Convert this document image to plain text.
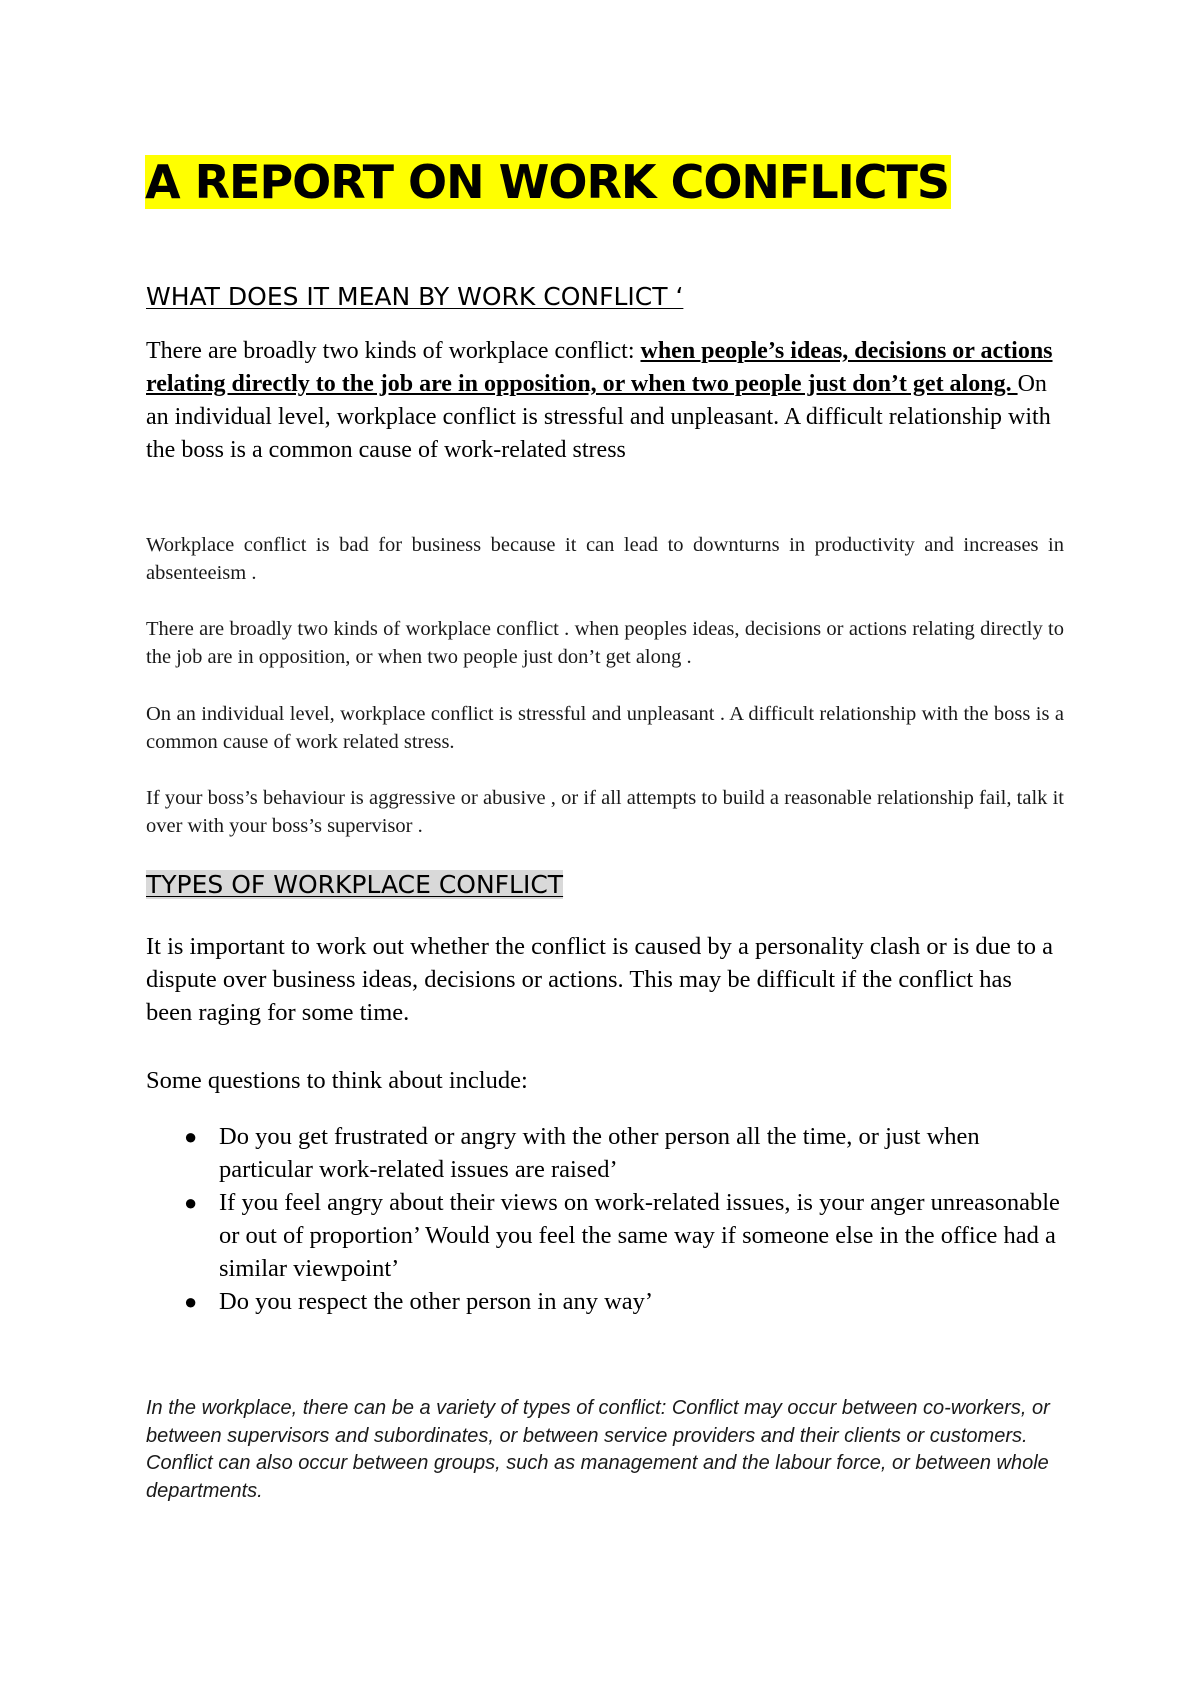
A REPORT ON WORK CONFLICTS
WHAT DOES IT MEAN BY WORK CONFLICT ‘

There are broadly two kinds of workplace conflict: when people’s ideas, decisions or actions relating directly to the job are in opposition, or when two people just don’t get along. On an individual level, workplace conflict is stressful and unpleasant. A difficult relationship with the boss is a common cause of work-related stress

Workplace conflict is bad for business because it can lead to downturns in productivity and increases in absenteeism .

There are broadly two kinds of workplace conflict . when peoples ideas, decisions or actions relating directly to the job are in opposition, or when two people just don’t get along .

On an individual level, workplace conflict is stressful and unpleasant . A difficult relationship with the boss is a common cause of work related stress.

If your boss’s behaviour is aggressive or abusive , or if all attempts to build a reasonable relationship fail, talk it over with your boss’s supervisor .

TYPES OF WORKPLACE CONFLICT

It is important to work out whether the conflict is caused by a personality clash or is due to a dispute over business ideas, decisions or actions. This may be difficult if the conflict has been raging for some time.

Some questions to think about include:

● Do you get frustrated or angry with the other person all the time, or just when particular work-related issues are raised’
● If you feel angry about their views on work-related issues, is your anger unreasonable or out of proportion’ Would you feel the same way if someone else in the office had a similar viewpoint’
● Do you respect the other person in any way’

In the workplace, there can be a variety of types of conflict: Conflict may occur between co-workers, or between supervisors and subordinates, or between service providers and their clients or customers. Conflict can also occur between groups, such as management and the labour force, or between whole departments.
